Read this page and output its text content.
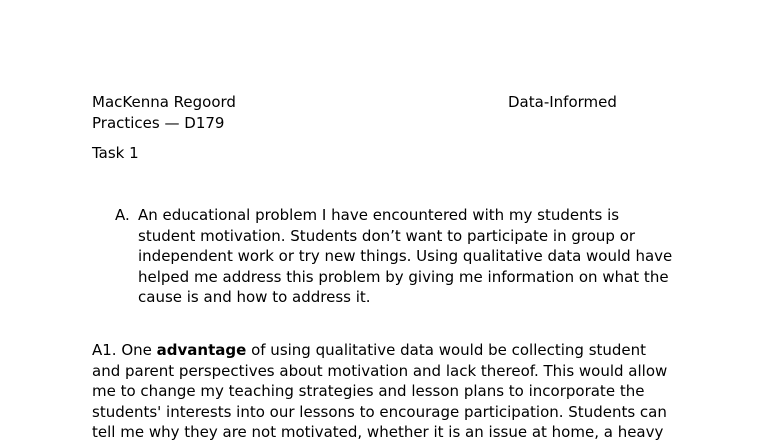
MacKenna Regoord	Data-Informed
Practices — D179
Task 1
A. An educational problem I have encountered with my students is
student motivation. Students don’t want to participate in group or
independent work or try new things. Using qualitative data would have
helped me address this problem by giving me information on what the
cause is and how to address it.
A1. One advantage of using qualitative data would be collecting student
and parent perspectives about motivation and lack thereof. This would allow
me to change my teaching strategies and lesson plans to incorporate the
students' interests into our lessons to encourage participation. Students can
tell me why they are not motivated, whether it is an issue at home, a heavy
